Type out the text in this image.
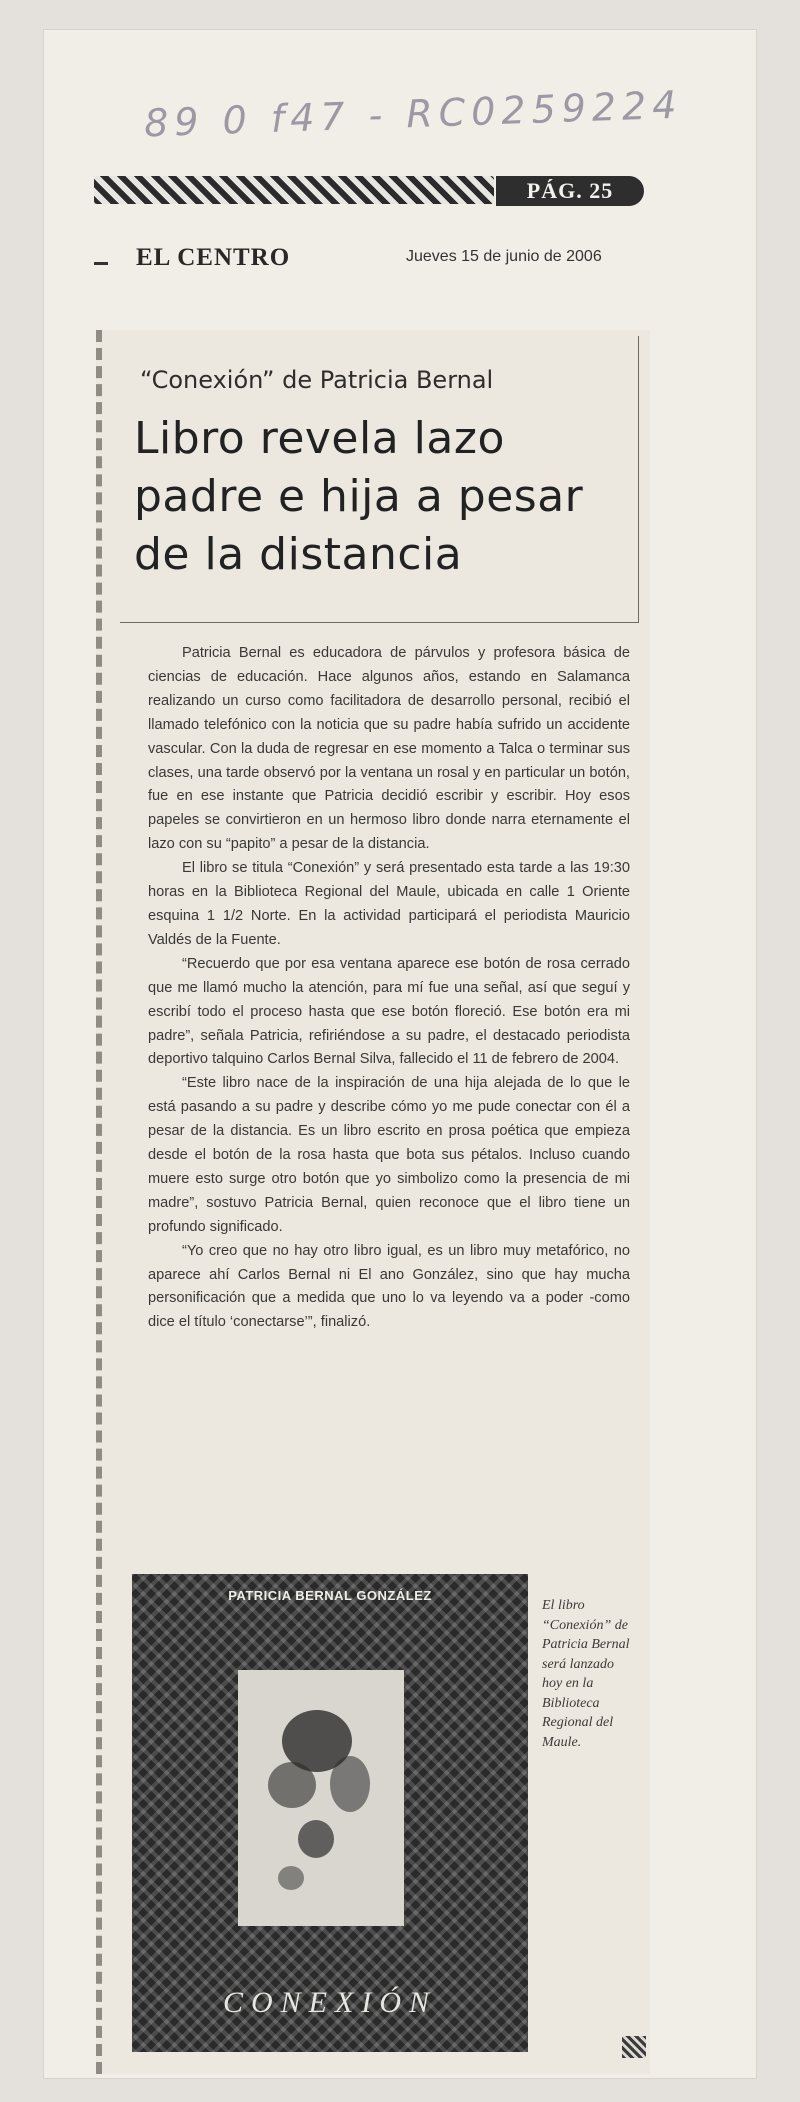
89 0 f47 - RC0259224
PÁG. 25
EL CENTRO	Jueves 15 de junio de 2006
“Conexión” de Patricia Bernal
Libro revela lazo padre e hija a pesar de la distancia

Patricia Bernal es educadora de párvulos y profesora básica de ciencias de educación. Hace algunos años, estando en Salamanca realizando un curso como facilitadora de desarrollo personal, recibió el llamado telefónico con la noticia que su padre había sufrido un accidente vascular. Con la duda de regresar en ese momento a Talca o terminar sus clases, una tarde observó por la ventana un rosal y en particular un botón, fue en ese instante que Patricia decidió escribir y escribir. Hoy esos papeles se convirtieron en un hermoso libro donde narra eternamente el lazo con su “papito” a pesar de la distancia.

El libro se titula “Conexión” y será presentado esta tarde a las 19:30 horas en la Biblioteca Regional del Maule, ubicada en calle 1 Oriente esquina 1 1/2 Norte. En la actividad participará el periodista Mauricio Valdés de la Fuente.

“Recuerdo que por esa ventana aparece ese botón de rosa cerrado que me llamó mucho la atención, para mí fue una señal, así que seguí y escribí todo el proceso hasta que ese botón floreció. Ese botón era mi padre”, señala Patricia, refiriéndose a su padre, el destacado periodista deportivo talquino Carlos Bernal Silva, fallecido el 11 de febrero de 2004.

“Este libro nace de la inspiración de una hija alejada de lo que le está pasando a su padre y describe cómo yo me pude conectar con él a pesar de la distancia. Es un libro escrito en prosa poética que empieza desde el botón de la rosa hasta que bota sus pétalos. Incluso cuando muere esto surge otro botón que yo simbolizo como la presencia de mi madre”, sostuvo Patricia Bernal, quien reconoce que el libro tiene un profundo significado.

“Yo creo que no hay otro libro igual, es un libro muy metafórico, no aparece ahí Carlos Bernal ni El ano González, sino que hay mucha personificación que a medida que uno lo va leyendo va a poder -como dice el título ‘conectarse’”, finalizó.

PATRICIA BERNAL GONZÁLEZ
CONEXIÓN
El libro “Conexión” de Patricia Bernal será lanzado hoy en la Biblioteca Regional del Maule.
